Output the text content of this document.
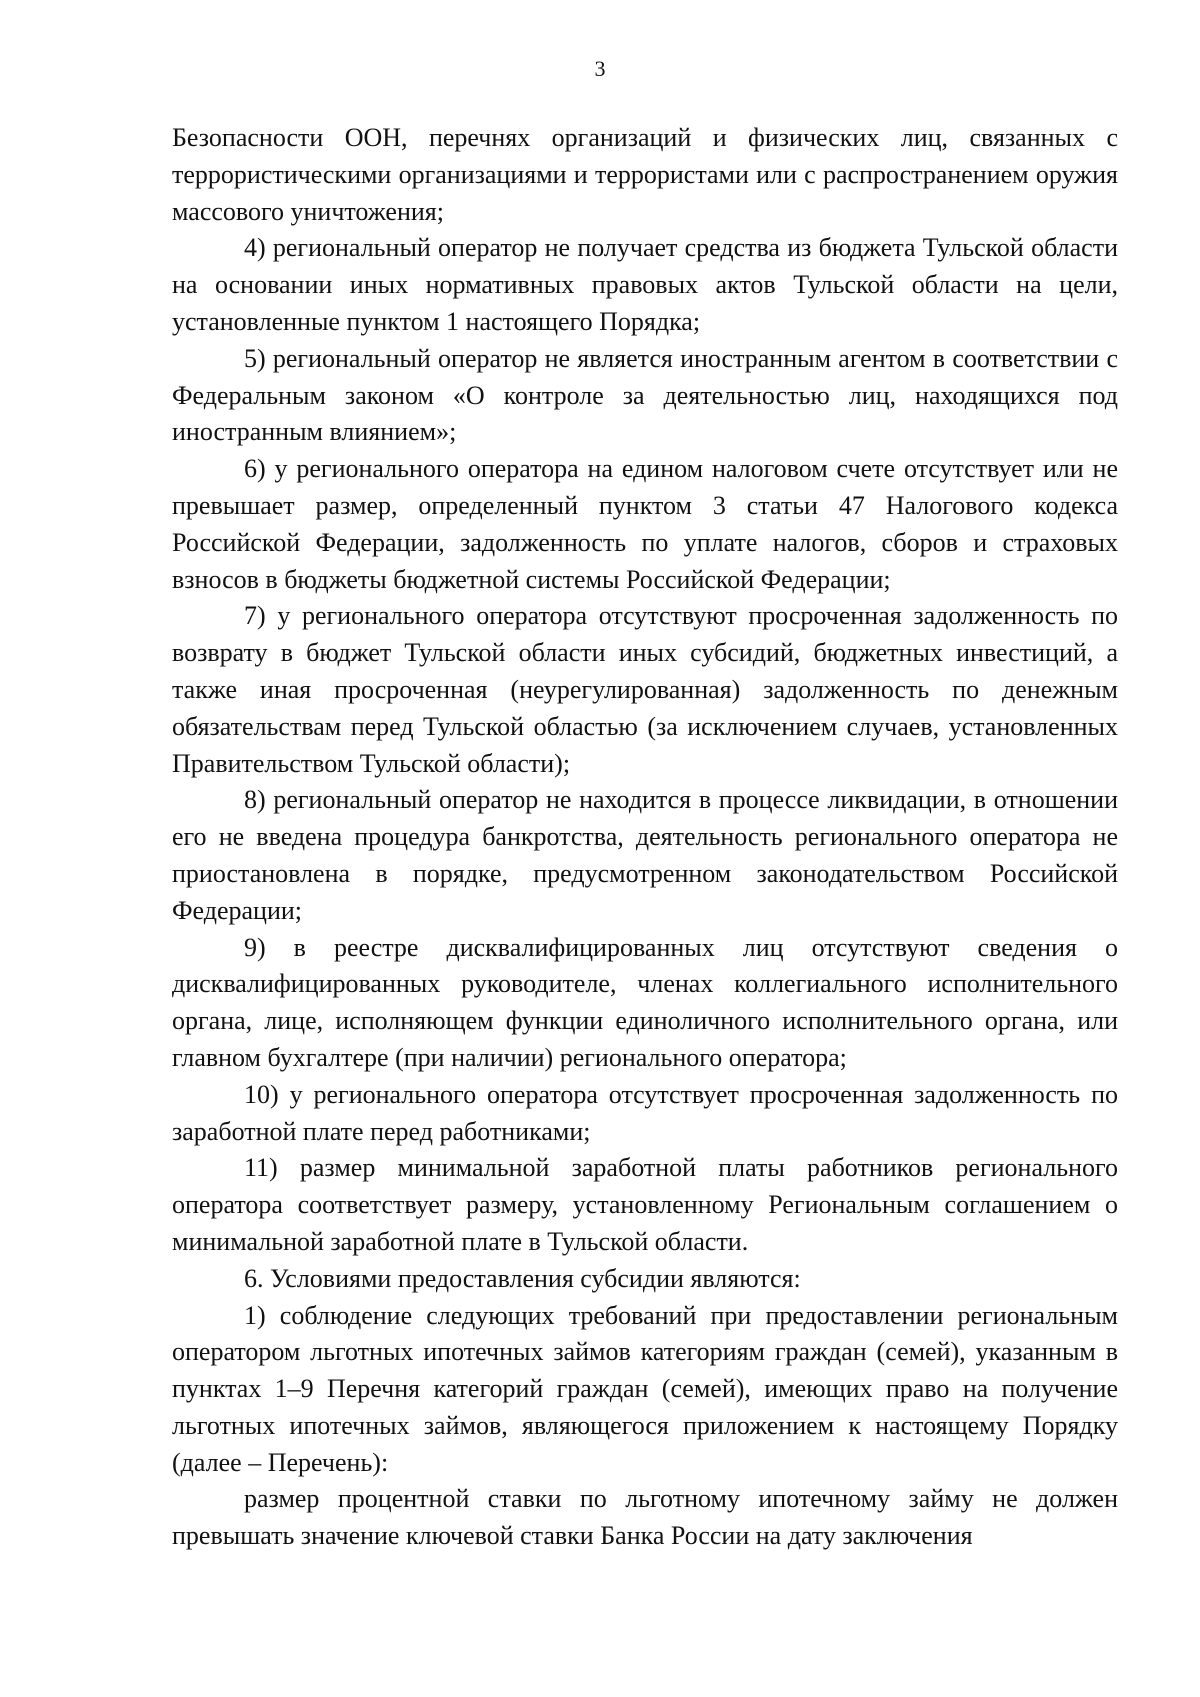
3

Безопасности ООН, перечнях организаций и физических лиц, связанных с террористическими организациями и террористами или с распространением оружия массового уничтожения;

4) региональный оператор не получает средства из бюджета Тульской области на основании иных нормативных правовых актов Тульской области на цели, установленные пунктом 1 настоящего Порядка;

5) региональный оператор не является иностранным агентом в соответствии с Федеральным законом «О контроле за деятельностью лиц, находящихся под иностранным влиянием»;

6) у регионального оператора на едином налоговом счете отсутствует или не превышает размер, определенный пунктом 3 статьи 47 Налогового кодекса Российской Федерации, задолженность по уплате налогов, сборов и страховых взносов в бюджеты бюджетной системы Российской Федерации;

7) у регионального оператора отсутствуют просроченная задолженность по возврату в бюджет Тульской области иных субсидий, бюджетных инвестиций, а также иная просроченная (неурегулированная) задолженность по денежным обязательствам перед Тульской областью (за исключением случаев, установленных Правительством Тульской области);

8) региональный оператор не находится в процессе ликвидации, в отношении его не введена процедура банкротства, деятельность регионального оператора не приостановлена в порядке, предусмотренном законодательством Российской Федерации;

9) в реестре дисквалифицированных лиц отсутствуют сведения о дисквалифицированных руководителе, членах коллегиального исполнительного органа, лице, исполняющем функции единоличного исполнительного органа, или главном бухгалтере (при наличии) регионального оператора;

10) у регионального оператора отсутствует просроченная задолженность по заработной плате перед работниками;

11) размер минимальной заработной платы работников регионального оператора соответствует размеру, установленному Региональным соглашением о минимальной заработной плате в Тульской области.

6. Условиями предоставления субсидии являются:

1) соблюдение следующих требований при предоставлении региональным оператором льготных ипотечных займов категориям граждан (семей), указанным в пунктах 1–9 Перечня категорий граждан (семей), имеющих право на получение льготных ипотечных займов, являющегося приложением к настоящему Порядку (далее – Перечень):

размер процентной ставки по льготному ипотечному займу не должен превышать значение ключевой ставки Банка России на дату заключения
